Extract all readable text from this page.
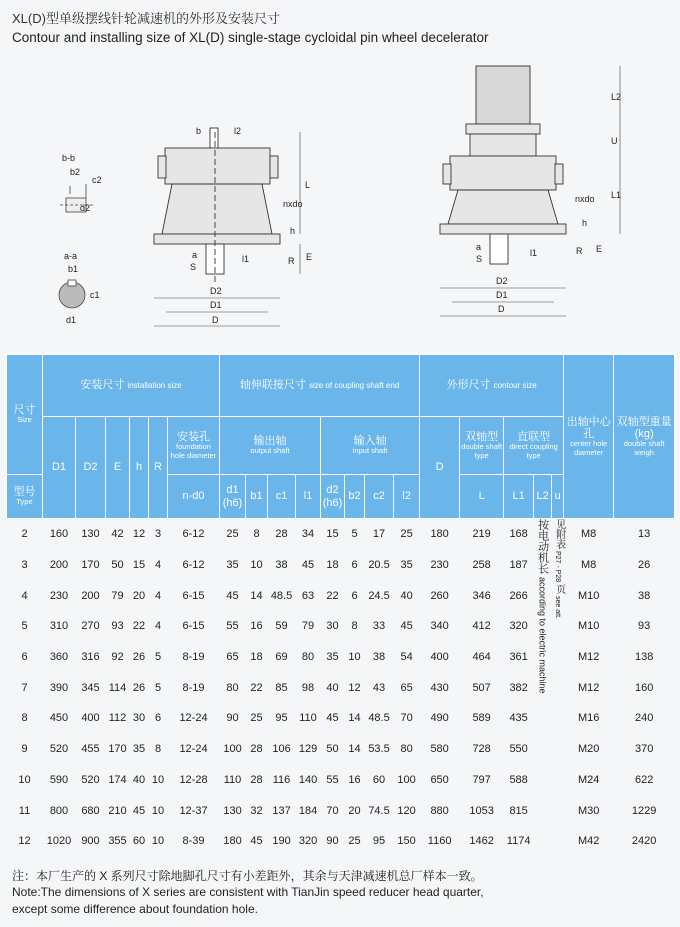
XL(D)型单级摆线针轮减速机的外形及安装尺寸
Contour and installing size of XL(D) single-stage cycloidal pin wheel decelerator
b-b
b2
c2
d2
a-a
b1
c1
d1
b	l2
L
nxdo
h
l1
a
S
R E
D2
D1
D
L2
U
L1
nxdo
h
l1
a
S
R E
D2
D1
D
尺寸
Size	安装尺寸 installation size						轴伸联接尺寸 size of coupling shaft end								外形尺寸 contour size					出轴中心孔
center hole diameter	双轴型重量(kg)
double shaft weigh

	D1	D2	E	h	R	安装孔
foundation hole diameter	输出轴
output shaft				输入轴
input shaft				D	双轴型
double shaft type	直联型
direct coupling type				

型号
Type						n-d0	d1 (h6)	b1	c1	l1	d2 (h6)	b2	c2	l2		L	L1	L2	u		
2	160	130	42	12	3	6-12	25	8	28	34	15	5	17	25	180	219	168	按电动机长according to electric machine	见附表P27 - P28页see att.	M8	13
3	200	170	50	15	4	6-12	35	10	38	45	18	6	20.5	35	230	258	187			M8	26
4	230	200	79	20	4	6-15	45	14	48.5	63	22	6	24.5	40	260	346	266			M10	38
5	310	270	93	22	4	6-15	55	16	59	79	30	8	33	45	340	412	320			M10	93
6	360	316	92	26	5	8-19	65	18	69	80	35	10	38	54	400	464	361			M12	138
7	390	345	114	26	5	8-19	80	22	85	98	40	12	43	65	430	507	382			M12	160
8	450	400	112	30	6	12-24	90	25	95	110	45	14	48.5	70	490	589	435			M16	240
9	520	455	170	35	8	12-24	100	28	106	129	50	14	53.5	80	580	728	550			M20	370
10	590	520	174	40	10	12-28	110	28	116	140	55	16	60	100	650	797	588			M24	622
11	800	680	210	45	10	12-37	130	32	137	184	70	20	74.5	120	880	1053	815			M30	1229
12	1020	900	355	60	10	8-39	180	45	190	320	90	25	95	150	1160	1462	1174			M42	2420
注：本厂生产的 X 系列尺寸除地脚孔尺寸有小差距外，其余与天津减速机总厂样本一致。
Note:The dimensions of X series are consistent with TianJin speed reducer head quarter,
except some difference about foundation hole.
